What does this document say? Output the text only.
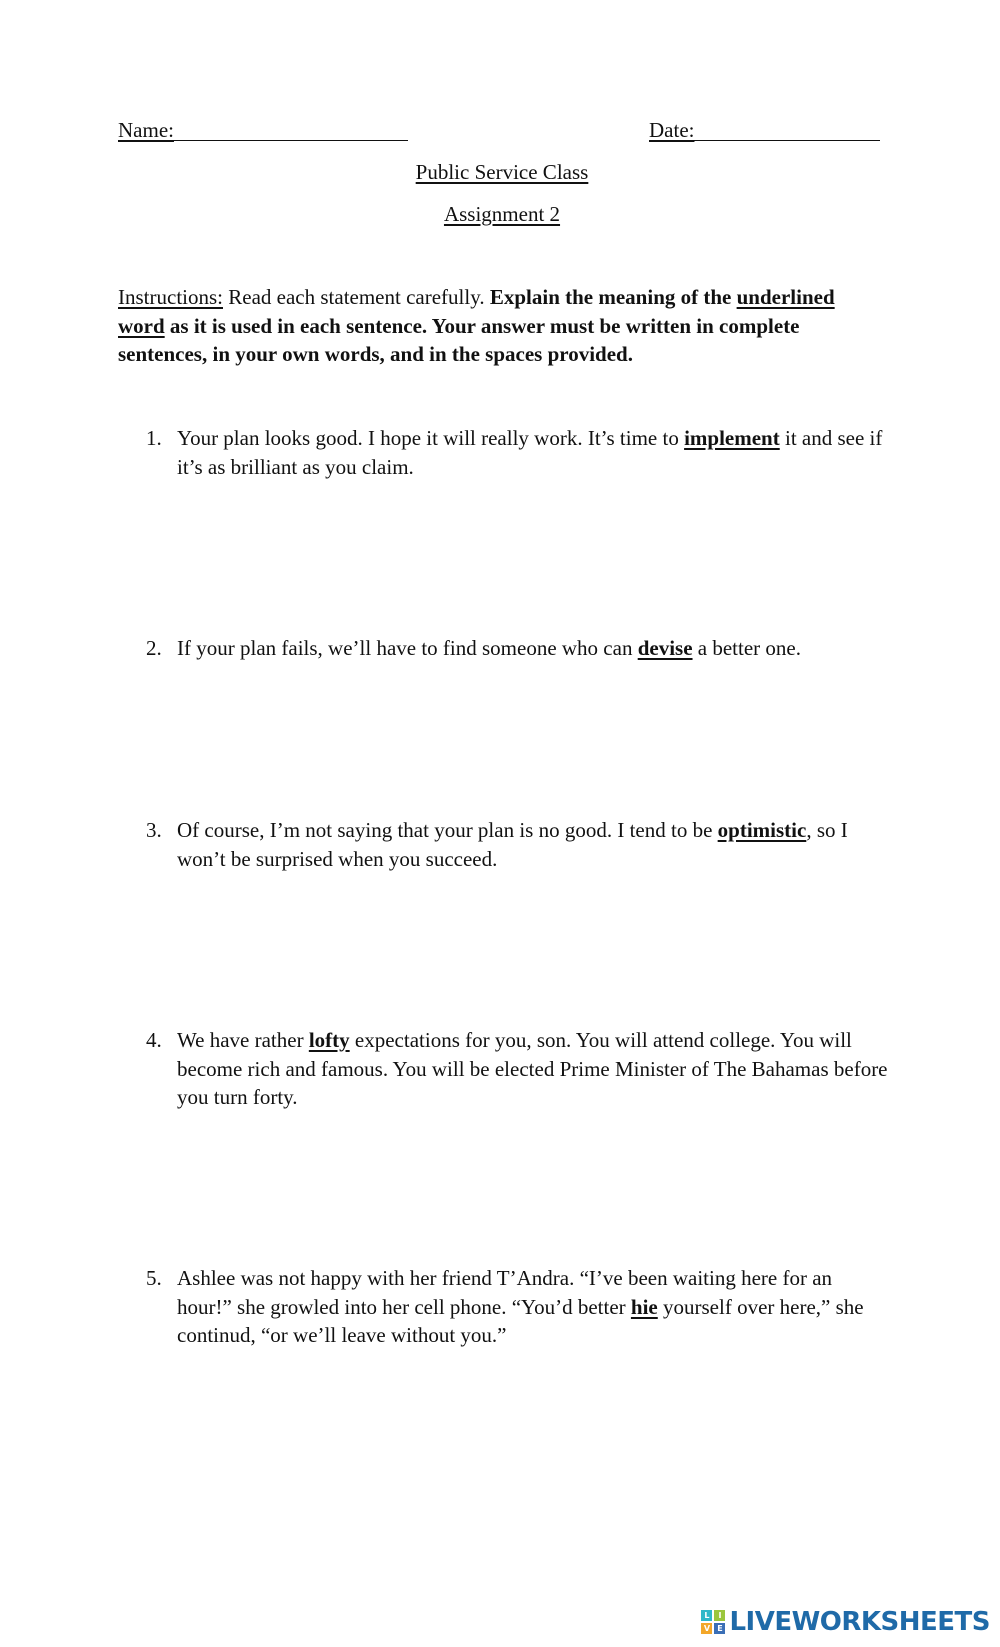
Name:	Date:
Public Service Class
Assignment 2
Instructions: Read each statement carefully. Explain the meaning of the underlined word as it is used in each sentence. Your answer must be written in complete sentences, in your own words, and in the spaces provided.
1. Your plan looks good. I hope it will really work. It’s time to implement it and see if it’s as brilliant as you claim.
2. If your plan fails, we’ll have to find someone who can devise a better one.
3. Of course, I’m not saying that your plan is no good. I tend to be optimistic, so I won’t be surprised when you succeed.
4. We have rather lofty expectations for you, son. You will attend college. You will become rich and famous. You will be elected Prime Minister of The Bahamas before you turn forty.
5. Ashlee was not happy with her friend T’Andra. “I’ve been waiting here for an hour!” she growled into her cell phone. “You’d better hie yourself over here,” she continud, “or we’ll leave without you.”
L	I
V E LIVEWORKSHEETS
